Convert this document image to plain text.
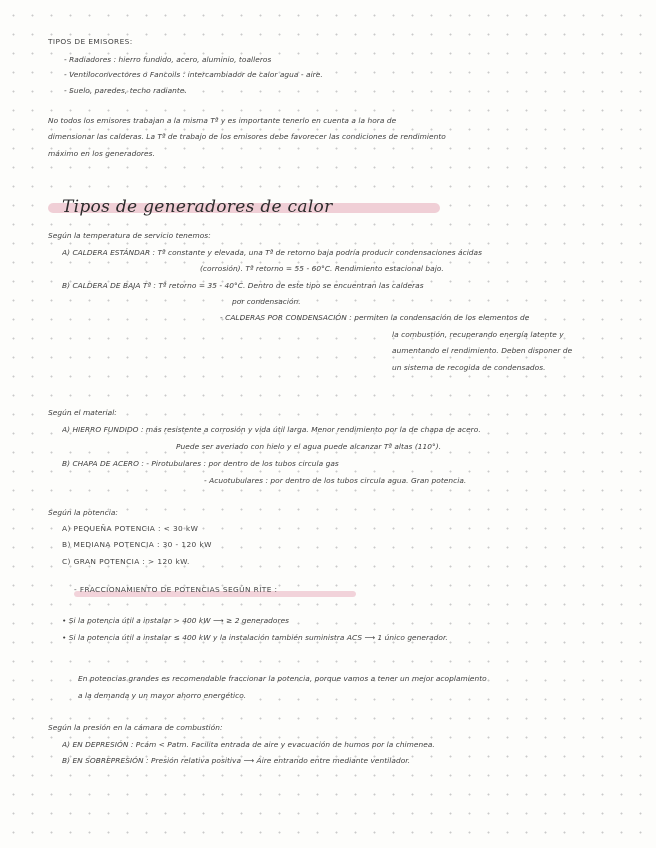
TIPOS DE EMISORES:
- Radiadores : hierro fundido, acero, aluminio, toalleros
- Ventiloconvectores o Fancoils : intercambiador de calor agua - aire.
- Suelo, paredes, techo radiante.
No todos los emisores trabajan a la misma Tª y es importante tenerlo en cuenta a la hora de
dimensionar las calderas. La Tª de trabajo de los emisores debe favorecer las condiciones de rendimiento
máximo en los generadores.
Tipos de generadores de calor
Según la temperatura de servicio tenemos:
A) CALDERA ESTÁNDAR : Tª constante y elevada, una Tª de retorno baja podría producir condensaciones ácidas
(corrosión). Tª retorno = 55 - 60°C. Rendimiento estacional bajo.
B) CALDERA DE BAJA Tª : Tª retorno = 35 - 40°C. Dentro de este tipo se encuentran las calderas
por condensación.
- CALDERAS POR CONDENSACIÓN : permiten la condensación de los elementos de
la combustión, recuperando energía latente y
aumentando el rendimiento. Deben disponer de
un sistema de recogida de condensados.
Según el material:
A) HIERRO FUNDIDO : más resistente a corrosión y vida útil larga. Menor rendimiento por la de chapa de acero.
Puede ser averiado con hielo y el agua puede alcanzar Tª altas (110°).
B) CHAPA DE ACERO : - Pirotubulares : por dentro de los tubos circula gas
- Acuotubulares : por dentro de los tubos circula agua. Gran potencia.
Según la potencia:
A) PEQUEÑA POTENCIA : < 30 kW
B) MEDIANA POTENCIA : 30 - 120 kW
C) GRAN POTENCIA : > 120 kW.
- FRACCIONAMIENTO DE POTENCIAS SEGÚN RITE :
• Si la potencia útil a instalar > 400 kW ⟶ ≥ 2 generadores
• Si la potencia útil a instalar ≤ 400 kW y la instalación también suministra ACS ⟶ 1 único generador.
En potencias grandes es recomendable fraccionar la potencia, porque vamos a tener un mejor acoplamiento
a la demanda y un mayor ahorro energético.
Según la presión en la cámara de combustión:
A) EN DEPRESIÓN : Pcám < Patm. Facilita entrada de aire y evacuación de humos por la chimenea.
B) EN SOBREPRESIÓN : Presión relativa positiva ⟶ Aire entrando entre mediante ventilador.
